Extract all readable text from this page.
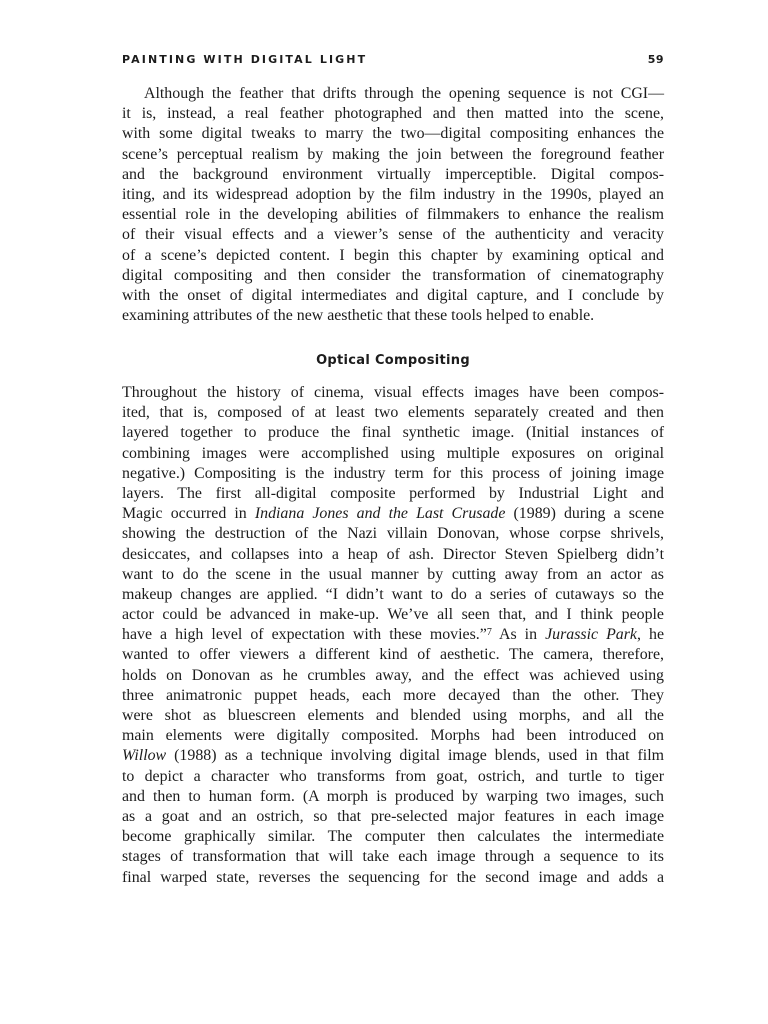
PAINTING WITH DIGITAL LIGHT	59
Although the feather that drifts through the opening sequence is not CGI—
it is, instead, a real feather photographed and then matted into the scene,
with some digital tweaks to marry the two—digital compositing enhances the
scene’s perceptual realism by making the join between the foreground feather
and the background environment virtually imperceptible. Digital compos-
iting, and its widespread adoption by the film industry in the 1990s, played an
essential role in the developing abilities of filmmakers to enhance the realism
of their visual effects and a viewer’s sense of the authenticity and veracity
of a scene’s depicted content. I begin this chapter by examining optical and
digital compositing and then consider the transformation of cinematography
with the onset of digital intermediates and digital capture, and I conclude by
examining attributes of the new aesthetic that these tools helped to enable.
Optical Compositing
Throughout the history of cinema, visual effects images have been compos-
ited, that is, composed of at least two elements separately created and then
layered together to produce the final synthetic image. (Initial instances of
combining images were accomplished using multiple exposures on original
negative.) Compositing is the industry term for this process of joining image
layers. The first all-digital composite performed by Industrial Light and
Magic occurred in Indiana Jones and the Last Crusade (1989) during a scene
showing the destruction of the Nazi villain Donovan, whose corpse shrivels,
desiccates, and collapses into a heap of ash. Director Steven Spielberg didn’t
want to do the scene in the usual manner by cutting away from an actor as
makeup changes are applied. “I didn’t want to do a series of cutaways so the
actor could be advanced in make-up. We’ve all seen that, and I think people
have a high level of expectation with these movies.”$^7$ As in Jurassic Park, he
wanted to offer viewers a different kind of aesthetic. The camera, therefore,
holds on Donovan as he crumbles away, and the effect was achieved using
three animatronic puppet heads, each more decayed than the other. They
were shot as bluescreen elements and blended using morphs, and all the
main elements were digitally composited. Morphs had been introduced on
Willow (1988) as a technique involving digital image blends, used in that film
to depict a character who transforms from goat, ostrich, and turtle to tiger
and then to human form. (A morph is produced by warping two images, such
as a goat and an ostrich, so that pre-selected major features in each image
become graphically similar. The computer then calculates the intermediate
stages of transformation that will take each image through a sequence to its
final warped state, reverses the sequencing for the second image and adds a
